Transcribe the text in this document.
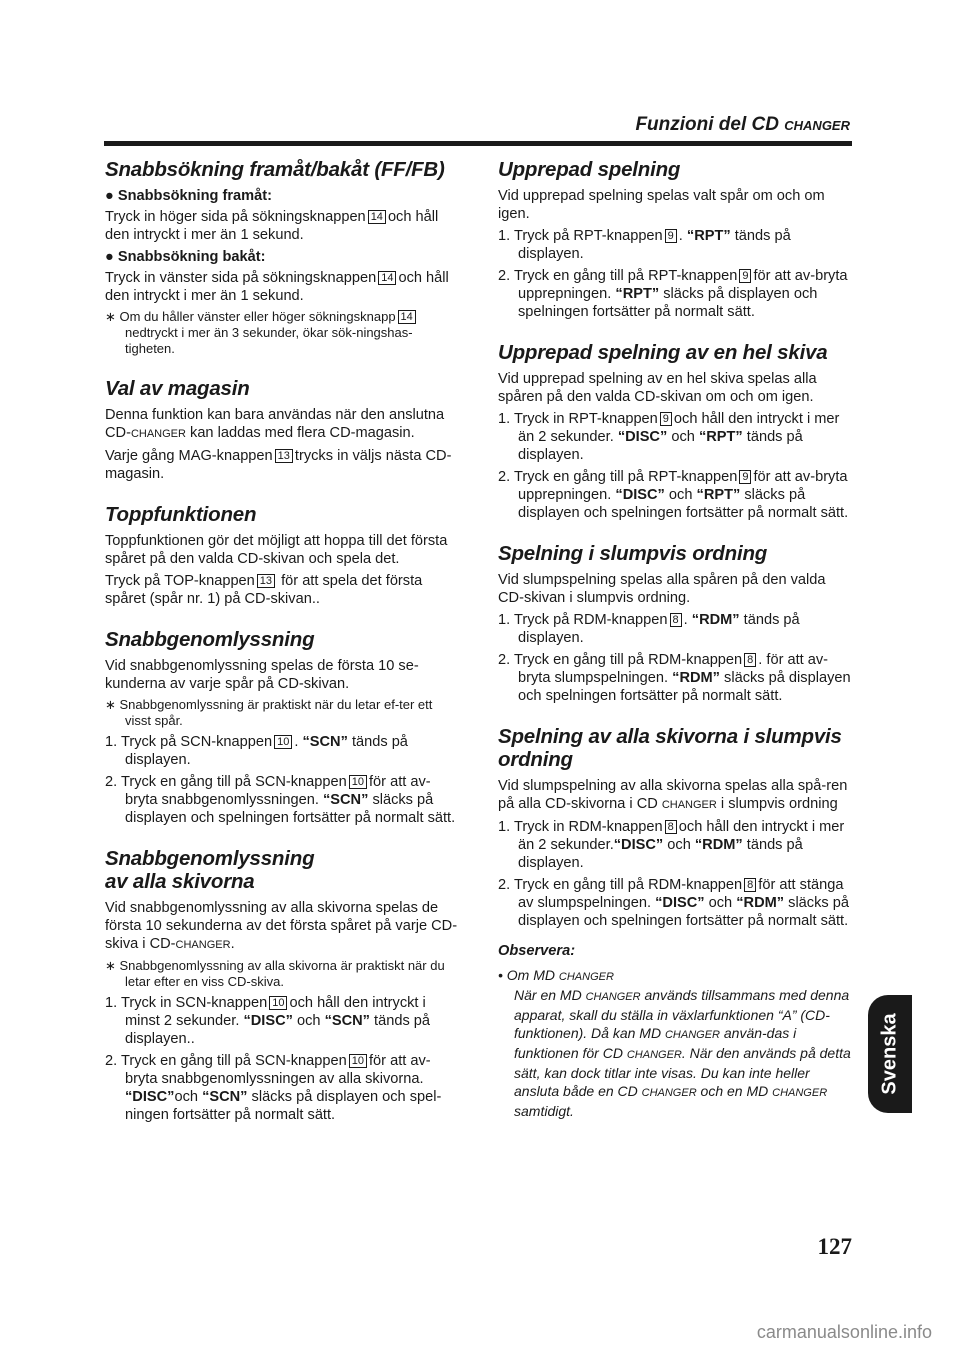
Funzioni del CD CHANGER
Snabbsökning framåt/bakåt (FF/FB)

● Snabbsökning framåt:

Tryck in höger sida på sökningsknappen 14 och håll den intryckt i mer än 1 sekund.

● Snabbsökning bakåt:

Tryck in vänster sida på sökningsknappen 14 och håll den intryckt i mer än 1 sekund.

∗ Om du håller vänster eller höger sökningsknapp 14 nedtryckt i mer än 3 sekunder, ökar sök-ningshas-tigheten.

Val av magasin

Denna funktion kan bara användas när den anslutna CD-CHANGER kan laddas med flera CD-magasin.

Varje gång MAG-knappen 13 trycks in väljs nästa CD-magasin.

Toppfunktionen

Toppfunktionen gör det möjligt att hoppa till det första spåret på den valda CD-skivan och spela det.

Tryck på TOP-knappen 13 för att spela det första spåret (spår nr. 1) på CD-skivan..

Snabbgenomlyssning

Vid snabbgenomlyssning spelas de första 10 se-kunderna av varje spår på CD-skivan.

∗ Snabbgenomlyssning är praktiskt när du letar ef-ter ett visst spår.

1. Tryck på SCN-knappen 10 . “SCN” tänds på displayen.

2. Tryck en gång till på SCN-knappen 10 för att av-bryta snabbgenomlyssningen. “SCN” släcks på displayen och spelningen fortsätter på normalt sätt.

Snabbgenomlyssning
av alla skivorna

Vid snabbgenomlyssning av alla skivorna spelas de första 10 sekunderna av det första spåret på varje CD-skiva i CD-CHANGER.

∗ Snabbgenomlyssning av alla skivorna är praktiskt när du letar efter en viss CD-skiva.

1. Tryck in SCN-knappen 10 och håll den intryckt i minst 2 sekunder. “DISC” och “SCN” tänds på displayen..

2. Tryck en gång till på SCN-knappen 10 för att av-bryta snabbgenomlyssningen av alla skivorna. “DISC”och “SCN” släcks på displayen och spel-ningen fortsätter på normalt sätt.

Upprepad spelning

Vid upprepad spelning spelas valt spår om och om igen.

1. Tryck på RPT-knappen 9 . “RPT” tänds på displayen.

2. Tryck en gång till på RPT-knappen 9 för att av-bryta upprepningen. “RPT” släcks på displayen och spelningen fortsätter på normalt sätt.

Upprepad spelning av en hel skiva

Vid upprepad spelning av en hel skiva spelas alla spåren på den valda CD-skivan om och om igen.

1. Tryck in RPT-knappen 9 och håll den intryckt i mer än 2 sekunder. “DISC” och “RPT” tänds på displayen.

2. Tryck en gång till på RPT-knappen 9 för att av-bryta upprepningen. “DISC” och “RPT” släcks på displayen och spelningen fortsätter på normalt sätt.

Spelning i slumpvis ordning

Vid slumpspelning spelas alla spåren på den valda CD-skivan i slumpvis ordning.

1. Tryck på RDM-knappen 8 . “RDM” tänds på displayen.

2. Tryck en gång till på RDM-knappen 8 . för att av-bryta slumpspelningen. “RDM” släcks på displayen och spelningen fortsätter på normalt sätt.

Spelning av alla skivorna i slumpvis
ordning

Vid slumpspelning av alla skivorna spelas alla spå-ren på alla CD-skivorna i CD CHANGER i slumpvis ordning

1. Tryck in RDM-knappen 8 och håll den intryckt i mer än 2 sekunder.“DISC” och “RDM” tänds på displayen.

2. Tryck en gång till på RDM-knappen 8 för att stänga av slumpspelningen. “DISC” och “RDM” släcks på displayen och spelningen fortsätter på normalt sätt.

Observera:

• Om MD CHANGER
När en MD CHANGER används tillsammans med denna apparat, skall du ställa in växlarfunktionen “A” (CD-funktionen). Då kan MD CHANGER använ-das i funktionen för CD CHANGER. När den används på detta sätt, kan dock titlar inte visas. Du kan inte heller ansluta både en CD CHANGER och en MD CHANGER samtidigt.
Svenska
127
carmanualsonline.info
